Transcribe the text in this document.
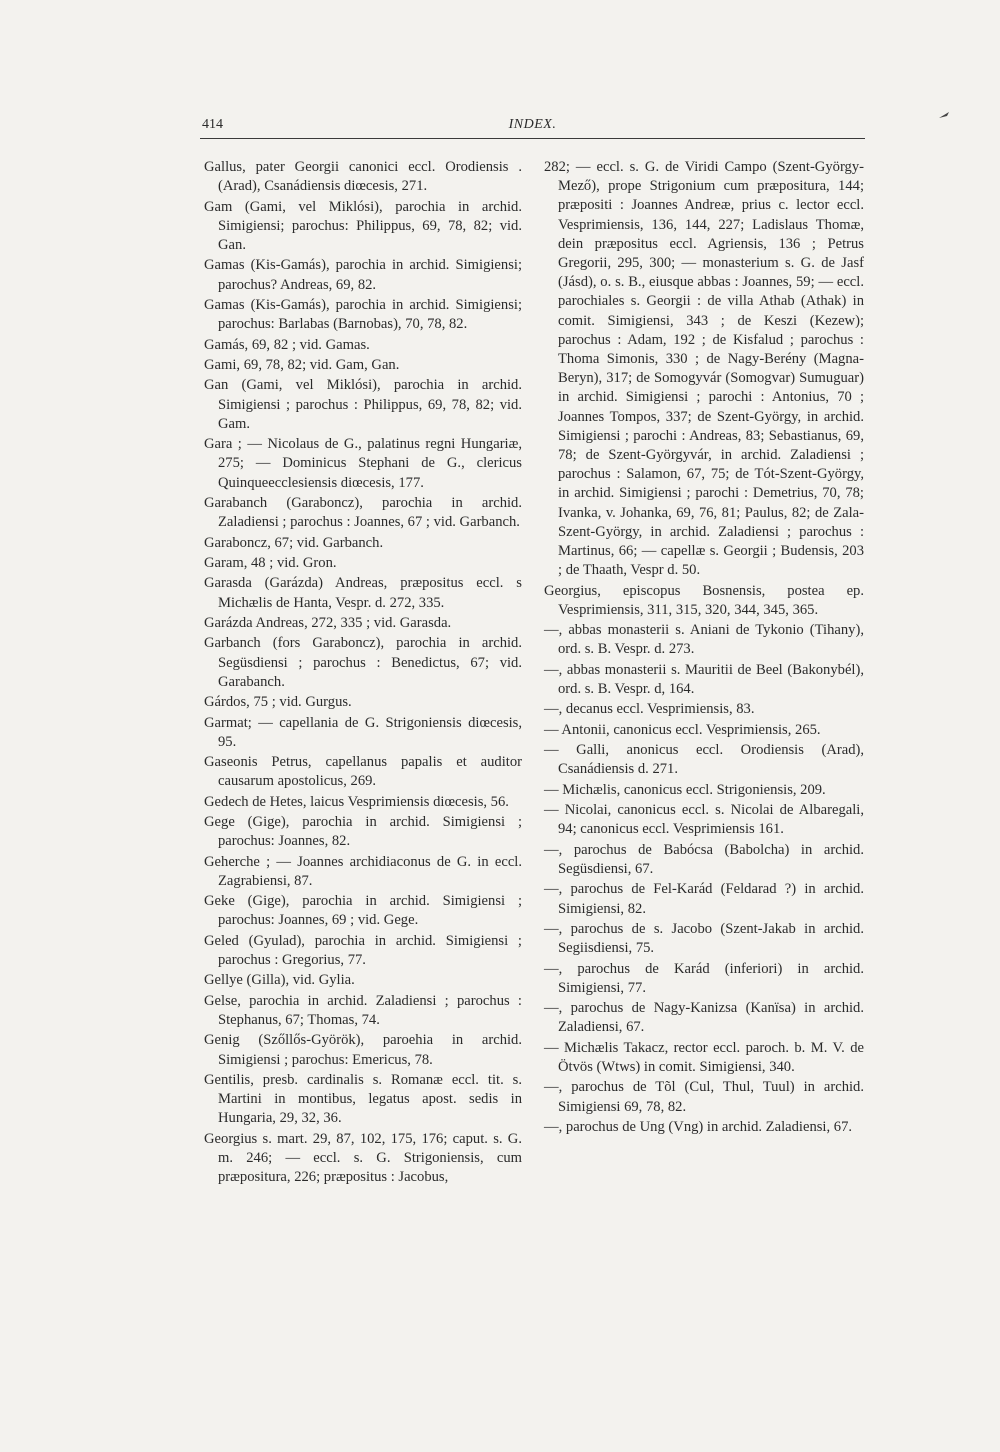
414	INDEX.

Gallus, pater Georgii canonici eccl. Orodiensis . (Arad), Csanádiensis diœcesis, 271.

Gam (Gami, vel Miklósi), parochia in archid. Simigiensi; parochus: Philippus, 69, 78, 82; vid. Gan.

Gamas (Kis-Gamás), parochia in archid. Simigiensi; parochus? Andreas, 69, 82.

Gamas (Kis-Gamás), parochia in archid. Simigiensi; parochus: Barlabas (Barnobas), 70, 78, 82.

Gamás, 69, 82 ; vid. Gamas.

Gami, 69, 78, 82; vid. Gam, Gan.

Gan (Gami, vel Miklósi), parochia in archid. Simigiensi ; parochus : Philippus, 69, 78, 82; vid. Gam.

Gara ; — Nicolaus de G., palatinus regni Hungariæ, 275; — Dominicus Stephani de G., clericus Quinqueecclesiensis diœcesis, 177.

Garabanch (Garaboncz), parochia in archid. Zaladiensi ; parochus : Joannes, 67 ; vid. Garbanch.

Garaboncz, 67; vid. Garbanch.

Garam, 48 ; vid. Gron.

Garasda (Garázda) Andreas, præpositus eccl. s Michælis de Hanta, Vespr. d. 272, 335.

Garázda Andreas, 272, 335 ; vid. Garasda.

Garbanch (fors Garaboncz), parochia in archid. Següsdiensi ; parochus : Benedictus, 67; vid. Garabanch.

Gárdos, 75 ; vid. Gurgus.

Garmat; — capellania de G. Strigoniensis diœcesis, 95.

Gaseonis Petrus, capellanus papalis et auditor causarum apostolicus, 269.

Gedech de Hetes, laicus Vesprimiensis diœcesis, 56.

Gege (Gige), parochia in archid. Simigiensi ; parochus: Joannes, 82.

Geherche ; — Joannes archidiaconus de G. in eccl. Zagrabiensi, 87.

Geke (Gige), parochia in archid. Simigiensi ; parochus: Joannes, 69 ; vid. Gege.

Geled (Gyulad), parochia in archid. Simigiensi ; parochus : Gregorius, 77.

Gellye (Gilla), vid. Gylia.

Gelse, parochia in archid. Zaladiensi ; parochus : Stephanus, 67; Thomas, 74.

Genig (Szőllős-Györök), paroehia in archid. Simigiensi ; parochus: Emericus, 78.

Gentilis, presb. cardinalis s. Romanæ eccl. tit. s. Martini in montibus, legatus apost. sedis in Hungaria, 29, 32, 36.

Georgius s. mart. 29, 87, 102, 175, 176; caput. s. G. m. 246; — eccl. s. G. Strigoniensis, cum præpositura, 226; præpositus : Jacobus,

282; — eccl. s. G. de Viridi Campo (Szent-György-Mező), prope Strigonium cum præpositura, 144; præpositi : Joannes Andreæ, prius c. lector eccl. Vesprimiensis, 136, 144, 227; Ladislaus Thomæ, dein præpositus eccl. Agriensis, 136 ; Petrus Gregorii, 295, 300; — monasterium s. G. de Jasf (Jásd), o. s. B., eiusque abbas : Joannes, 59; — eccl. parochiales s. Georgii : de villa Athab (Athak) in comit. Simigiensi, 343 ; de Keszi (Kezew); parochus : Adam, 192 ; de Kisfalud ; parochus : Thoma Simonis, 330 ; de Nagy-Berény (Magna-Beryn), 317; de Somogyvár (Somogvar) Sumuguar) in archid. Simigiensi ; parochi : Antonius, 70 ; Joannes Tompos, 337; de Szent-György, in archid. Simigiensi ; parochi : Andreas, 83; Sebastianus, 69, 78; de Szent-Györgyvár, in archid. Zaladiensi ; parochus : Salamon, 67, 75; de Tót-Szent-György, in archid. Simigiensi ; parochi : Demetrius, 70, 78; Ivanka, v. Johanka, 69, 76, 81; Paulus, 82; de Zala-Szent-György, in archid. Zaladiensi ; parochus : Martinus, 66; — capellæ s. Georgii ; Budensis, 203 ; de Thaath, Vespr d. 50.

Georgius, episcopus Bosnensis, postea ep. Vesprimiensis, 311, 315, 320, 344, 345, 365.

—, abbas monasterii s. Aniani de Tykonio (Tihany), ord. s. B. Vespr. d. 273.

—, abbas monasterii s. Mauritii de Beel (Bakonybél), ord. s. B. Vespr. d, 164.

—, decanus eccl. Vesprimiensis, 83.

— Antonii, canonicus eccl. Vesprimiensis, 265.

— Galli, anonicus eccl. Orodiensis (Arad), Csanádiensis d. 271.

— Michælis, canonicus eccl. Strigoniensis, 209.

— Nicolai, canonicus eccl. s. Nicolai de Albaregali, 94; canonicus eccl. Vesprimiensis 161.

—, parochus de Babócsa (Babolcha) in archid. Següsdiensi, 67.

—, parochus de Fel-Karád (Feldarad ?) in archid. Simigiensi, 82.

—, parochus de s. Jacobo (Szent-Jakab in archid. Segiisdiensi, 75.

—, parochus de Karád (inferiori) in archid. Simigiensi, 77.

—, parochus de Nagy-Kanizsa (Kanïsa) in archid. Zaladiensi, 67.

— Michælis Takacz, rector eccl. paroch. b. M. V. de Ötvös (Wtws) in comit. Simigiensi, 340.

—, parochus de Tõl (Cul, Thul, Tuul) in archid. Simigiensi 69, 78, 82.

—, parochus de Ung (Vng) in archid. Zaladiensi, 67.
